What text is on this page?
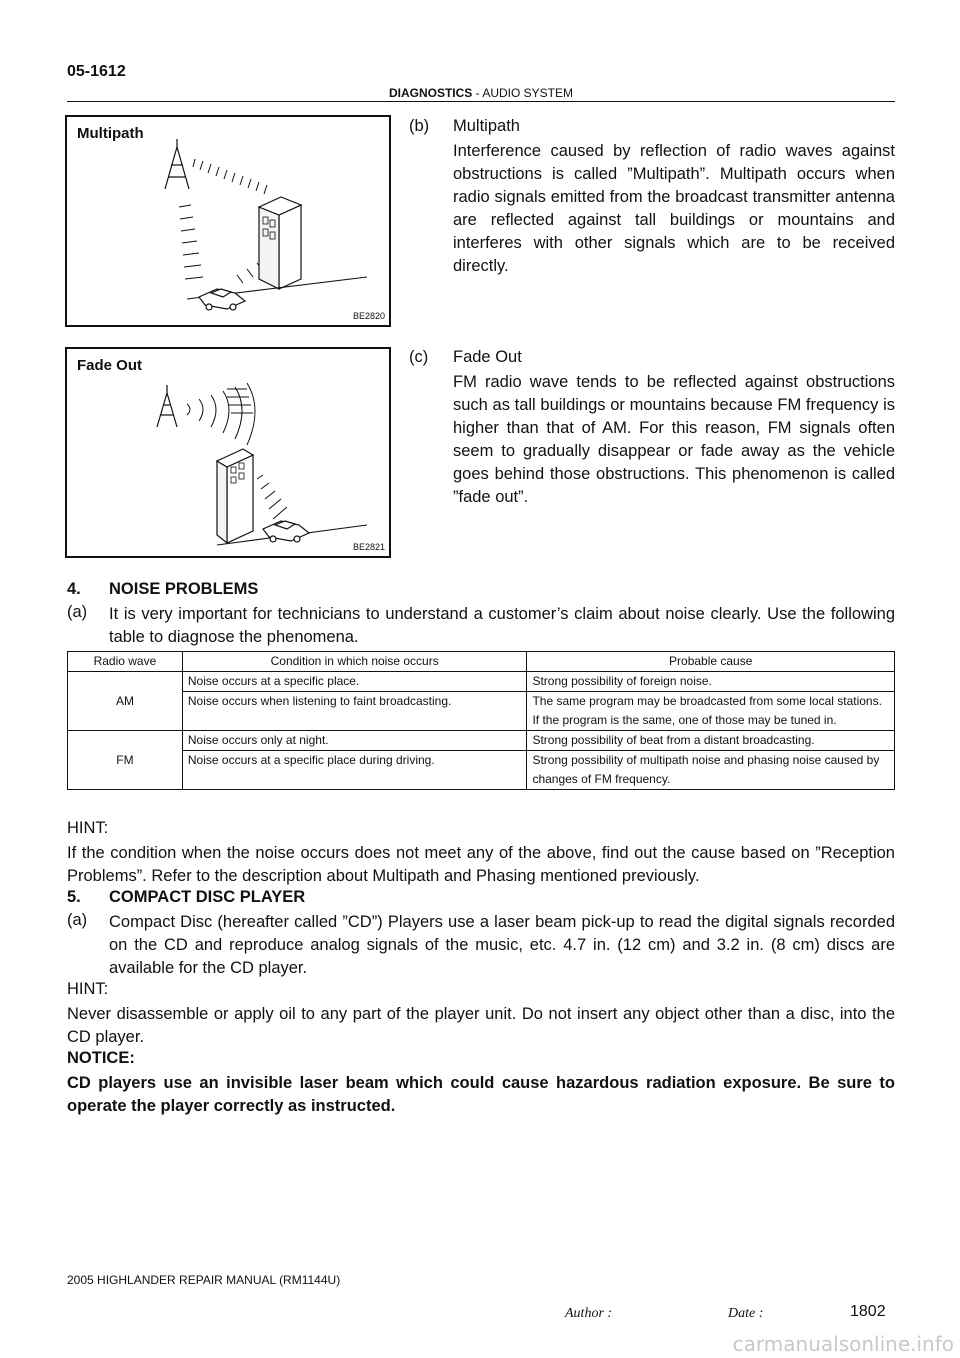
05-1612
DIAGNOSTICS - AUDIO SYSTEM
Multipath
BE2820
(b) Multipath
Interference caused by reflection of radio waves against obstructions is called ”Multipath”. Multipath occurs when radio signals emitted from the broadcast transmitter antenna are reflected against tall buildings or mountains and interferes with other signals which are to be received directly.
Fade Out
BE2821
(c) Fade Out
FM radio wave tends to be reflected against obstructions such as tall buildings or mountains because FM frequency is higher than that of AM. For this reason, FM signals often seem to gradually disappear or fade away as the vehicle goes behind those obstructions. This phenomenon is called ”fade out”.
4. NOISE PROBLEMS
(a) It is very important for technicians to understand a customer’s claim about noise clearly. Use the following table to diagnose the phenomena.
Radio wave	Condition in which noise occurs	Probable cause
AM	Noise occurs at a specific place.	Strong possibility of foreign noise.
	Noise occurs when listening to faint broadcasting.	The same program may be broadcasted from some local stations. If the program is the same, one of those may be tuned in.
FM	Noise occurs only at night.	Strong possibility of beat from a distant broadcasting.
	Noise occurs at a specific place during driving.	Strong possibility of multipath noise and phasing noise caused by changes of FM frequency.
HINT:
If the condition when the noise occurs does not meet any of the above, find out the cause based on ”Reception Problems”. Refer to the description about Multipath and Phasing mentioned previously.
5. COMPACT DISC PLAYER
(a) Compact Disc (hereafter called ”CD”) Players use a laser beam pick-up to read the digital signals recorded on the CD and reproduce analog signals of the music, etc. 4.7 in. (12 cm) and 3.2 in. (8 cm) discs are available for the CD player.
HINT:
Never disassemble or apply oil to any part of the player unit. Do not insert any object other than a disc, into the CD player.
NOTICE:
CD players use an invisible laser beam which could cause hazardous radiation exposure. Be sure to operate the player correctly as instructed.
2005 HIGHLANDER REPAIR MANUAL (RM1144U)
Author :	Date :	1802
carmanualsonline.info
